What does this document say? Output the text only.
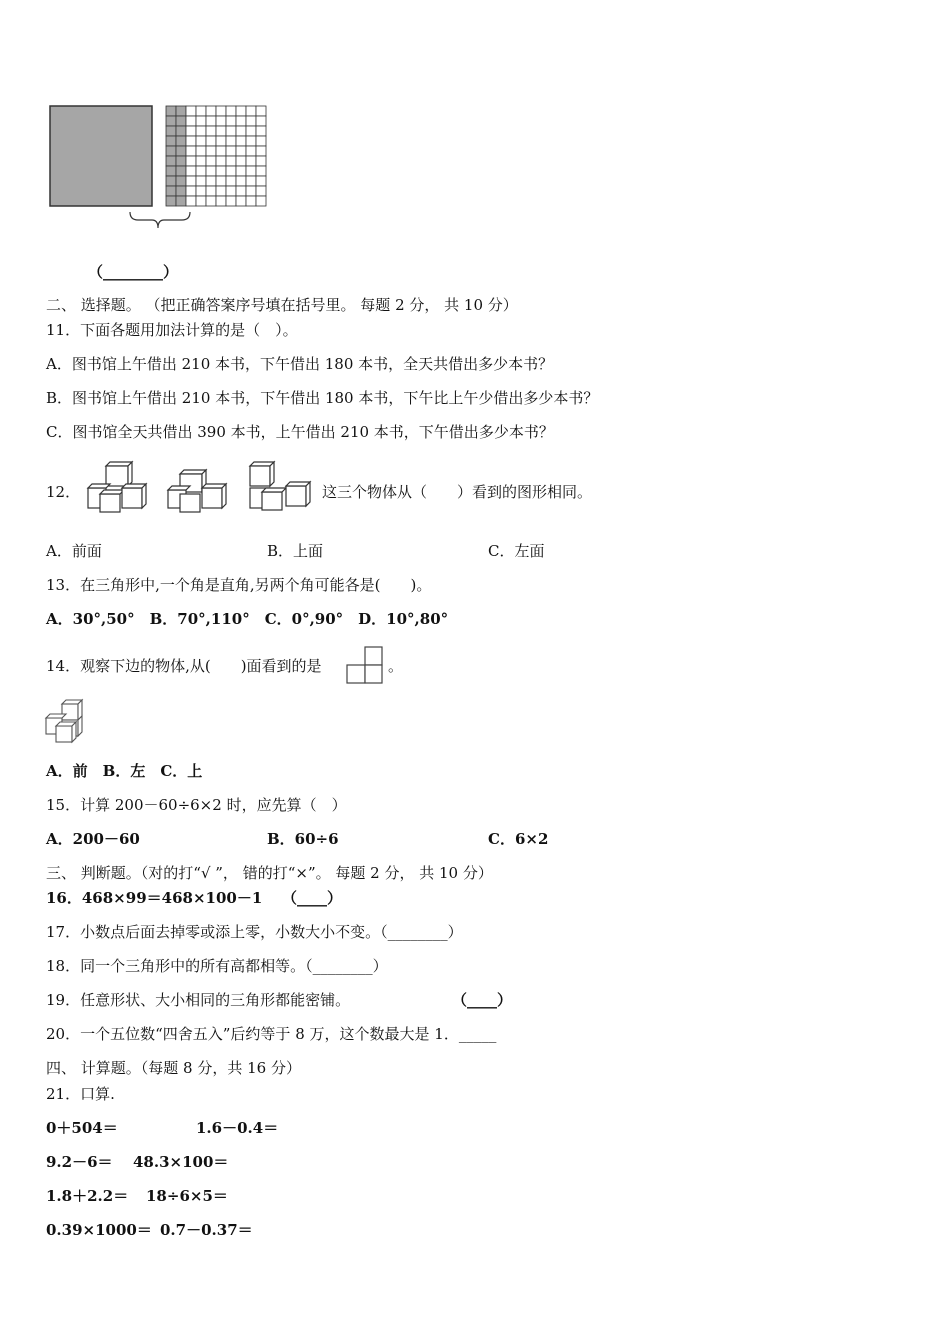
（________）
二、 选择题。 （把正确答案序号填在括号里。 每题 2 分， 共 10 分）
11．下面各题用加法计算的是（　）。
A．图书馆上午借出 210 本书，下午借出 180 本书，全天共借出多少本书？
B．图书馆上午借出 210 本书，下午借出 180 本书，下午比上午少借出多少本书？
C．图书馆全天共借出 390 本书，上午借出 210 本书，下午借出多少本书？
12．	这三个物体从（　　）看到的图形相同。
A．前面	B．上面	C．左面
13．在三角形中,一个角是直角,另两个角可能各是(　　)。
A．30°,50°　B．70°,110°　C．0°,90°　D．10°,80°
14．观察下边的物体,从(　　)面看到的是	。
A．前　B．左　C．上
15．计算 200－60÷6×2 时，应先算（　）
A．200－60	B．60÷6	C．6×2
三、 判断题。（对的打“√ ”， 错的打“×”。 每题 2 分， 共 10 分）
16．468×99＝468×100－1 （____）
17．小数点后面去掉零或添上零，小数大小不变。（________）
18．同一个三角形中的所有高都相等。（________）
19．任意形状、大小相同的三角形都能密铺。	（____）
20．一个五位数“四舍五入”后约等于 8 万，这个数最大是 1．_____
四、 计算题。（每题 8 分，共 16 分）
21．口算.
0＋504＝	1.6－0.4＝
9.2－6＝ 48.3×100＝
1.8＋2.2＝ 18÷6×5＝
0.39×1000＝ 0.7－0.37＝
